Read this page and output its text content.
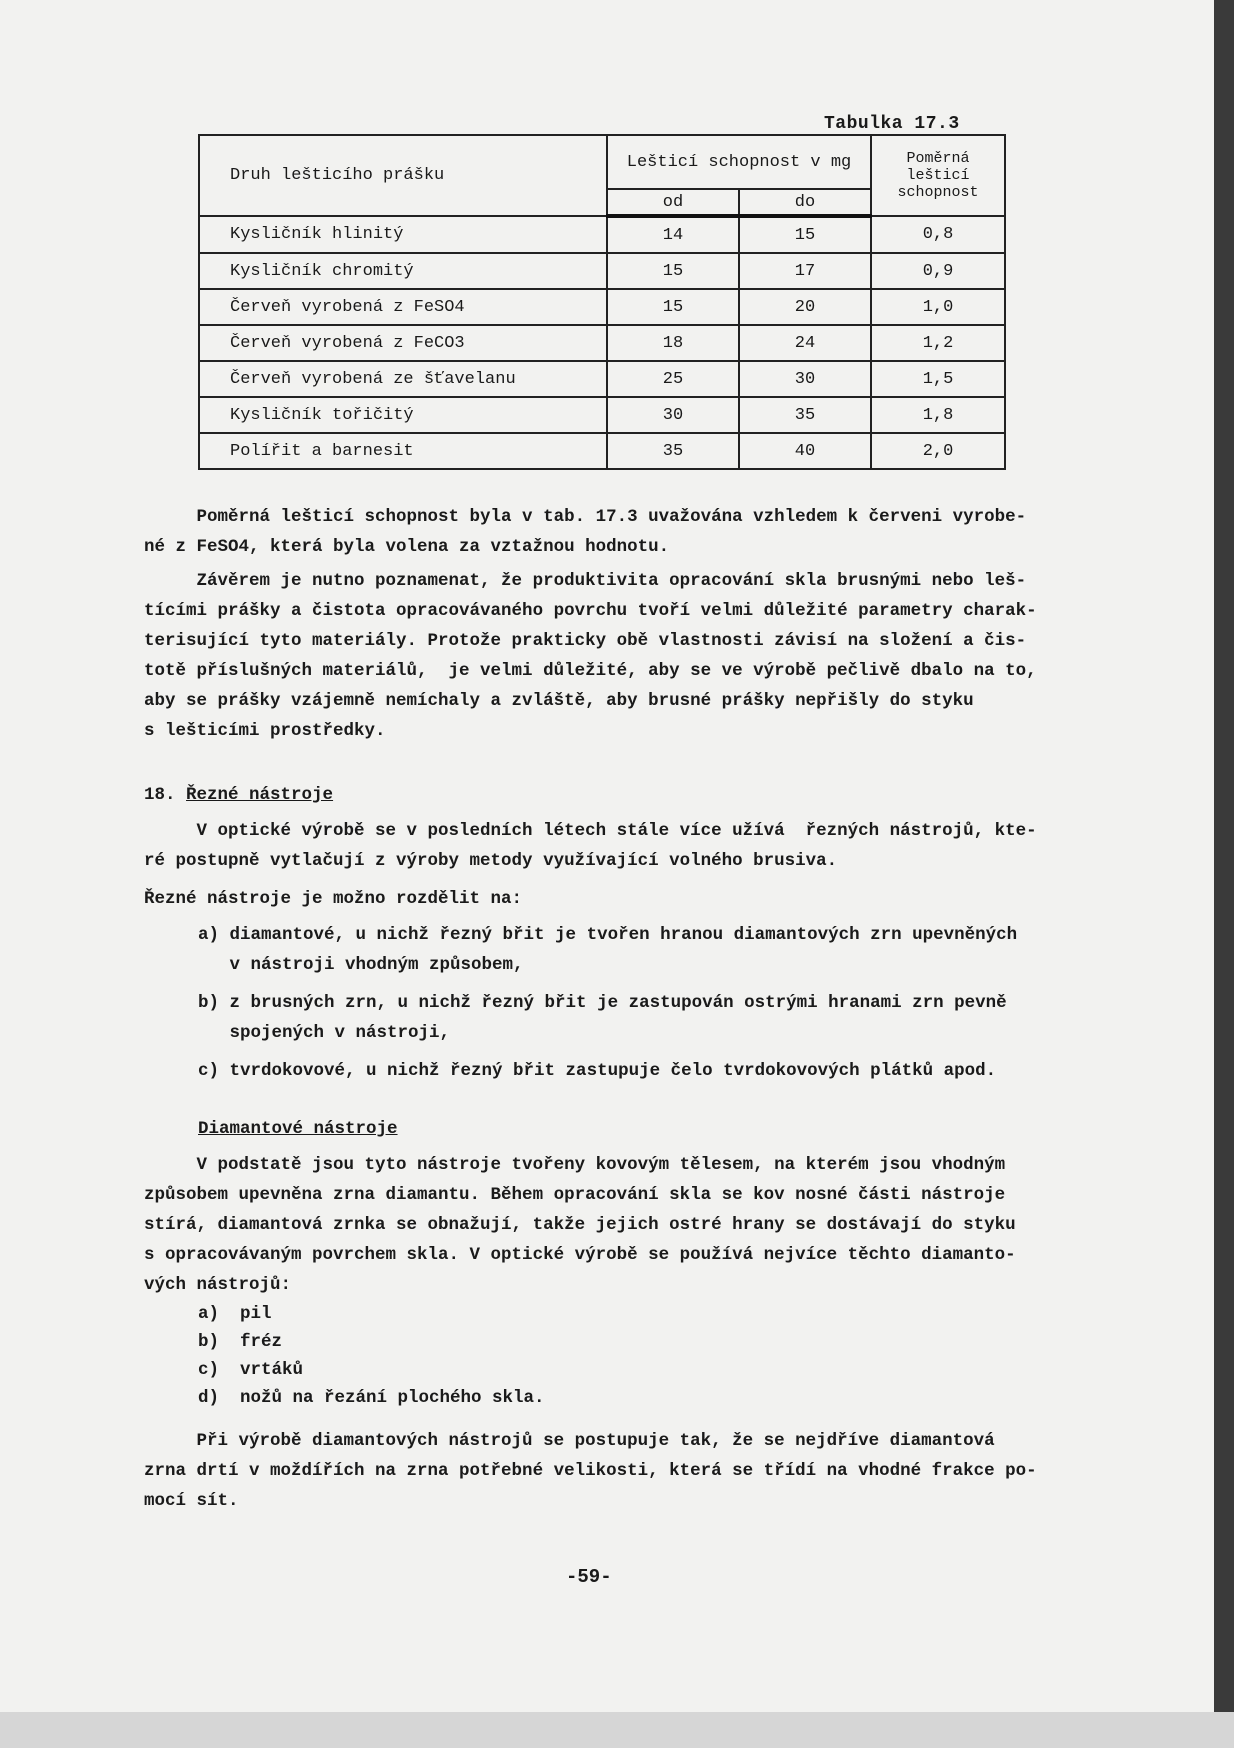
Tabulka 17.3
Druh lešticího prášku	Lešticí schopnost v mg		Poměrná lešticí schopnost
	od	do	
Kysličník hlinitý	14	15	0,8
Kysličník chromitý	15	17	0,9
Červeň vyrobená z FeSO4	15	20	1,0
Červeň vyrobená z FeCO3	18	24	1,2
Červeň vyrobená ze šťavelanu	25	30	1,5
Kysličník tořičitý	30	35	1,8
Polířit a barnesit	35	40	2,0
Poměrná lešticí schopnost byla v tab. 17.3 uvažována vzhledem k červeni vyrobe-
né z FeSO4, která byla volena za vztažnou hodnotu.
Závěrem je nutno poznamenat, že produktivita opracování skla brusnými nebo leš-
tícími prášky a čistota opracovávaného povrchu tvoří velmi důležité parametry charak-
terisující tyto materiály. Protože prakticky obě vlastnosti závisí na složení a čis-
totě příslušných materiálů,  je velmi důležité, aby se ve výrobě pečlivě dbalo na to,
aby se prášky vzájemně nemíchaly a zvláště, aby brusné prášky nepřišly do styku
s lešticími prostředky.
18. Řezné nástroje
V optické výrobě se v posledních létech stále více užívá  řezných nástrojů, kte-
ré postupně vytlačují z výroby metody využívající volného brusiva.
Řezné nástroje je možno rozdělit na:
a) diamantové, u nichž řezný břit je tvořen hranou diamantových zrn upevněných
v nástroji vhodným způsobem,
b) z brusných zrn, u nichž řezný břit je zastupován ostrými hranami zrn pevně
spojených v nástroji,
c) tvrdokovové, u nichž řezný břit zastupuje čelo tvrdokovových plátků apod.
Diamantové nástroje
V podstatě jsou tyto nástroje tvořeny kovovým tělesem, na kterém jsou vhodným
způsobem upevněna zrna diamantu. Během opracování skla se kov nosné části nástroje
stírá, diamantová zrnka se obnažují, takže jejich ostré hrany se dostávají do styku
s opracovávaným povrchem skla. V optické výrobě se používá nejvíce těchto diamanto-
vých nástrojů:
a)  pil
b)  fréz
c)  vrtáků
d)  nožů na řezání plochého skla.
Při výrobě diamantových nástrojů se postupuje tak, že se nejdříve diamantová
zrna drtí v moždířích na zrna potřebné velikosti, která se třídí na vhodné frakce po-
mocí sít.
-59-
